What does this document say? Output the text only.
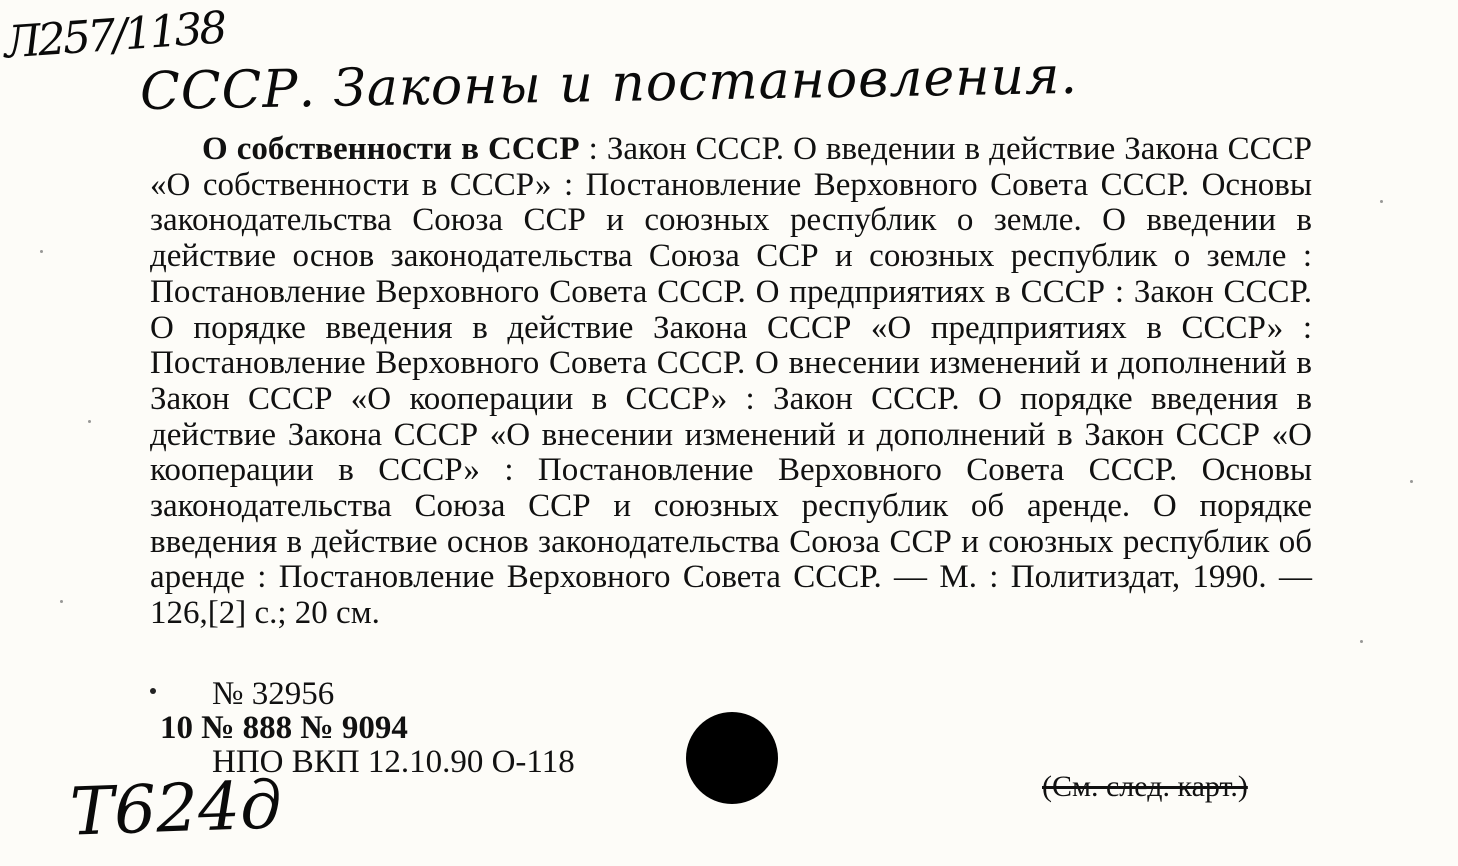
Л257/1138
СССР. Законы и постановления.
О собственности в СССР : Закон СССР. О введении в действие Закона СССР «О собственности в СССР» : Постановление Верховного Совета СССР. Основы законодательства Союза ССР и союзных республик о земле. О введении в действие основ законодательства Союза ССР и союзных республик о земле : Постановление Верховного Совета СССР. О предприятиях в СССР : Закон СССР. О порядке введения в действие Закона СССР «О предприятиях в СССР» : Постановление Верховного Совета СССР. О внесении изменений и дополнений в Закон СССР «О кооперации в СССР» : Закон СССР. О порядке введения в действие Закона СССР «О внесении изменений и дополнений в Закон СССР «О кооперации в СССР» : Постановление Верховного Совета СССР. Основы законодательства Союза ССР и союзных республик об аренде. О порядке введения в действие основ законодательства Союза ССР и союзных республик об аренде : Постановление Верховного Совета СССР. — М. : Политиздат, 1990. — 126,[2] с.; 20 см.
№ 32956
10 № 888 № 9094
НПО ВКП 12.10.90 О-118
Т624д	(См. след. карт.)
